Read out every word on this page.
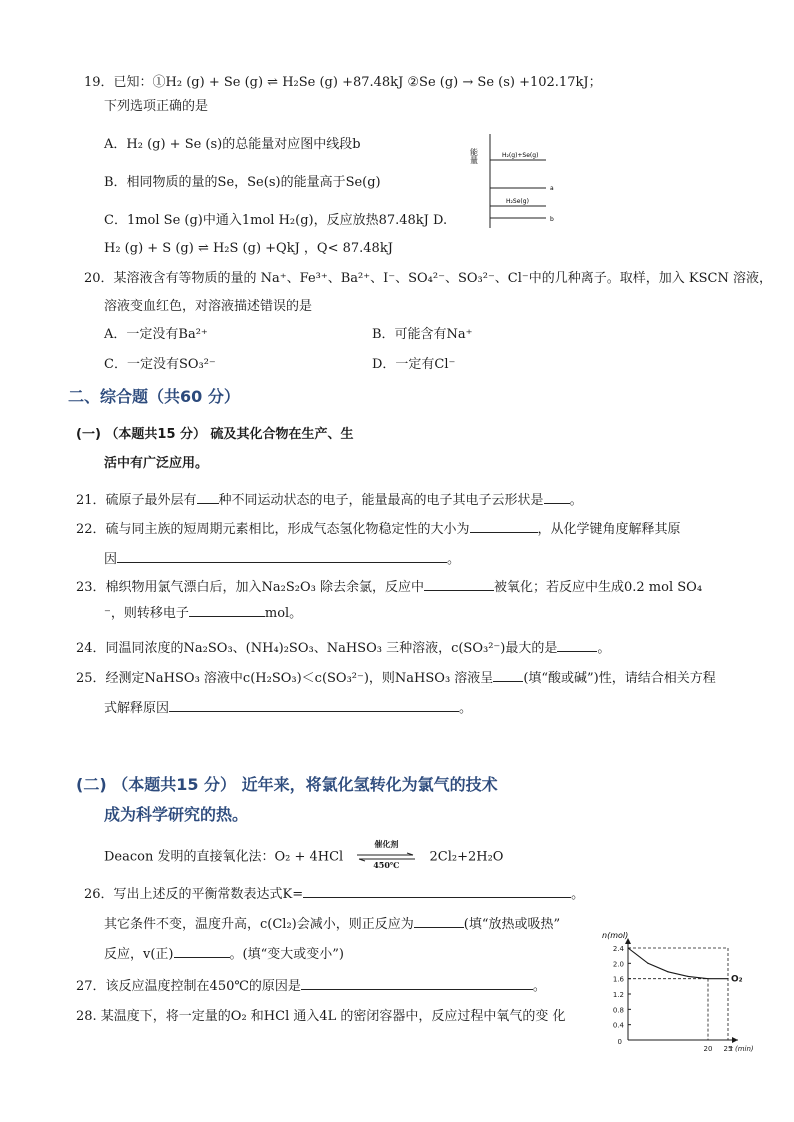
19．已知：①H₂ (g) + Se (g) ⇌ H₂Se (g) +87.48kJ ②Se (g) → Se (s) +102.17kJ；
下列选项正确的是
A．H₂ (g) + Se (s)的总能量对应图中线段b
B．相同物质的量的Se，Se(s)的能量高于Se(g)
C．1mol Se (g)中通入1mol H₂(g)，反应放热87.48kJ D.
H₂ (g) + S (g) ⇌ H₂S (g) +QkJ ，Q< 87.48kJ
能量	H₂(g)+Se(g)
a
H₂Se(g)
b
20．某溶液含有等物质的量的 Na⁺、Fe³⁺、Ba²⁺、I⁻、SO₄²⁻、SO₃²⁻、Cl⁻中的几种离子。取样，加入 KSCN 溶液，
溶液变血红色，对溶液描述错误的是
A．一定没有Ba²⁺	B．可能含有Na⁺
C．一定没有SO₃²⁻	D．一定有Cl⁻
二、综合题（共60 分）
(一) （本题共15 分） 硫及其化合物在生产、生
活中有广泛应用。
21．硫原子最外层有 种不同运动状态的电子，能量最高的电子其电子云形状是 。
22．硫与同主族的短周期元素相比，形成气态氢化物稳定性的大小为	，从化学键角度解释其原
因	。
23．棉织物用氯气漂白后，加入Na₂S₂O₃ 除去余氯，反应中	被氧化；若反应中生成0.2 mol SO₄
⁻，则转移电子	mol。
24．同温同浓度的Na₂SO₃、(NH₄)₂SO₃、NaHSO₃ 三种溶液，c(SO₃²⁻)最大的是	。
25．经测定NaHSO₃ 溶液中c(H₂SO₃)＜c(SO₃²⁻)，则NaHSO₃ 溶液呈 (填“酸或碱”)性，请结合相关方程
式解释原因	。
(二) （本题共15 分） 近年来，将氯化氢转化为氯气的技术
成为科学研究的热。
Deacon 发明的直接氧化法：O₂ + 4HCl
催化剂
450℃
2Cl₂+2H₂O
26．写出上述反的平衡常数表达式K=	。
其它条件不变，温度升高，c(Cl₂)会减小，则正反应为	(填“放热或吸热”
反应，v(正)	。(填“变大或变小”)
27．该反应温度控制在450℃的原因是	。
28. 某温度下，将一定量的O₂ 和HCl 通入4L 的密闭容器中，反应过程中氧气的变 化
n(mol)
2.4
2.0
1.6
1.2
0.8
0.4
0
20 25
t (min)
O₂
